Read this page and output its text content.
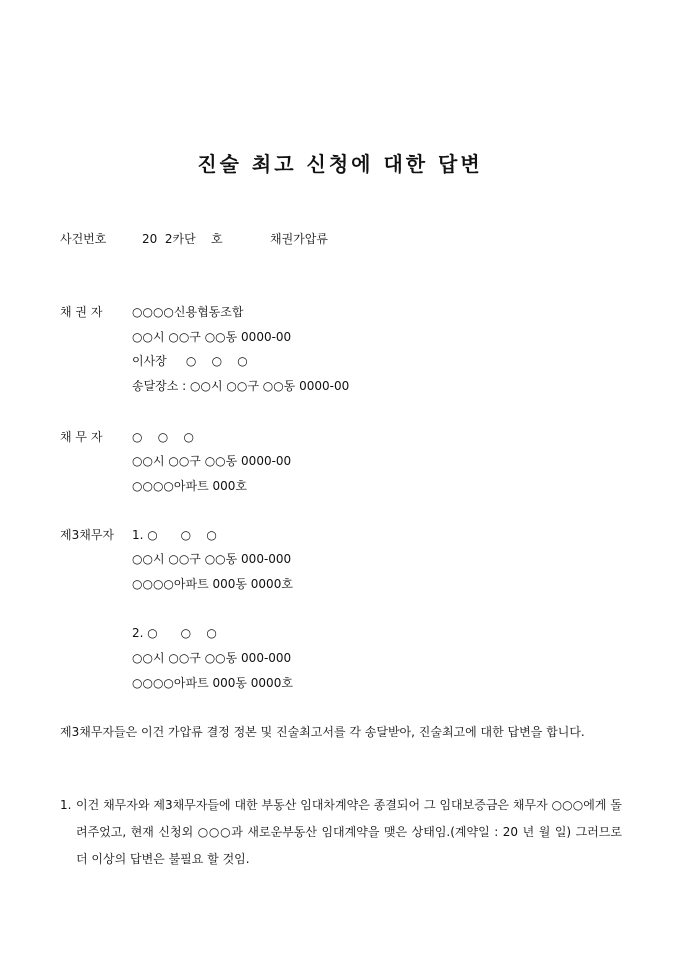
진술 최고 신청에 대한 답변
사건번호	20  2카단    호	채권가압류
채 권 자 ○○○○신용협동조합
○○시 ○○구 ○○동 0000-00
이사장     ○    ○    ○
송달장소 : ○○시 ○○구 ○○동 0000-00
채 무 자 ○    ○    ○
○○시 ○○구 ○○동 0000-00
○○○○아파트 000호
제3채무자 1. ○      ○    ○
○○시 ○○구 ○○동 000-000
○○○○아파트 000동 0000호
2. ○      ○    ○
○○시 ○○구 ○○동 000-000
○○○○아파트 000동 0000호
제3채무자들은 이건 가압류 결정 정본 및 진술최고서를 각 송달받아, 진술최고에 대한 답변을 합니다.
1. 이건 채무자와 제3채무자들에 대한 부동산 임대차계약은 종결되어 그 임대보증금은 채무자 ○○○에게 돌려주었고, 현재 신청외 ○○○과 새로운부동산 임대계약을 맺은 상태임.(계약일 : 20 년 월 일) 그러므로 더 이상의 답변은 불필요 할 것임.
